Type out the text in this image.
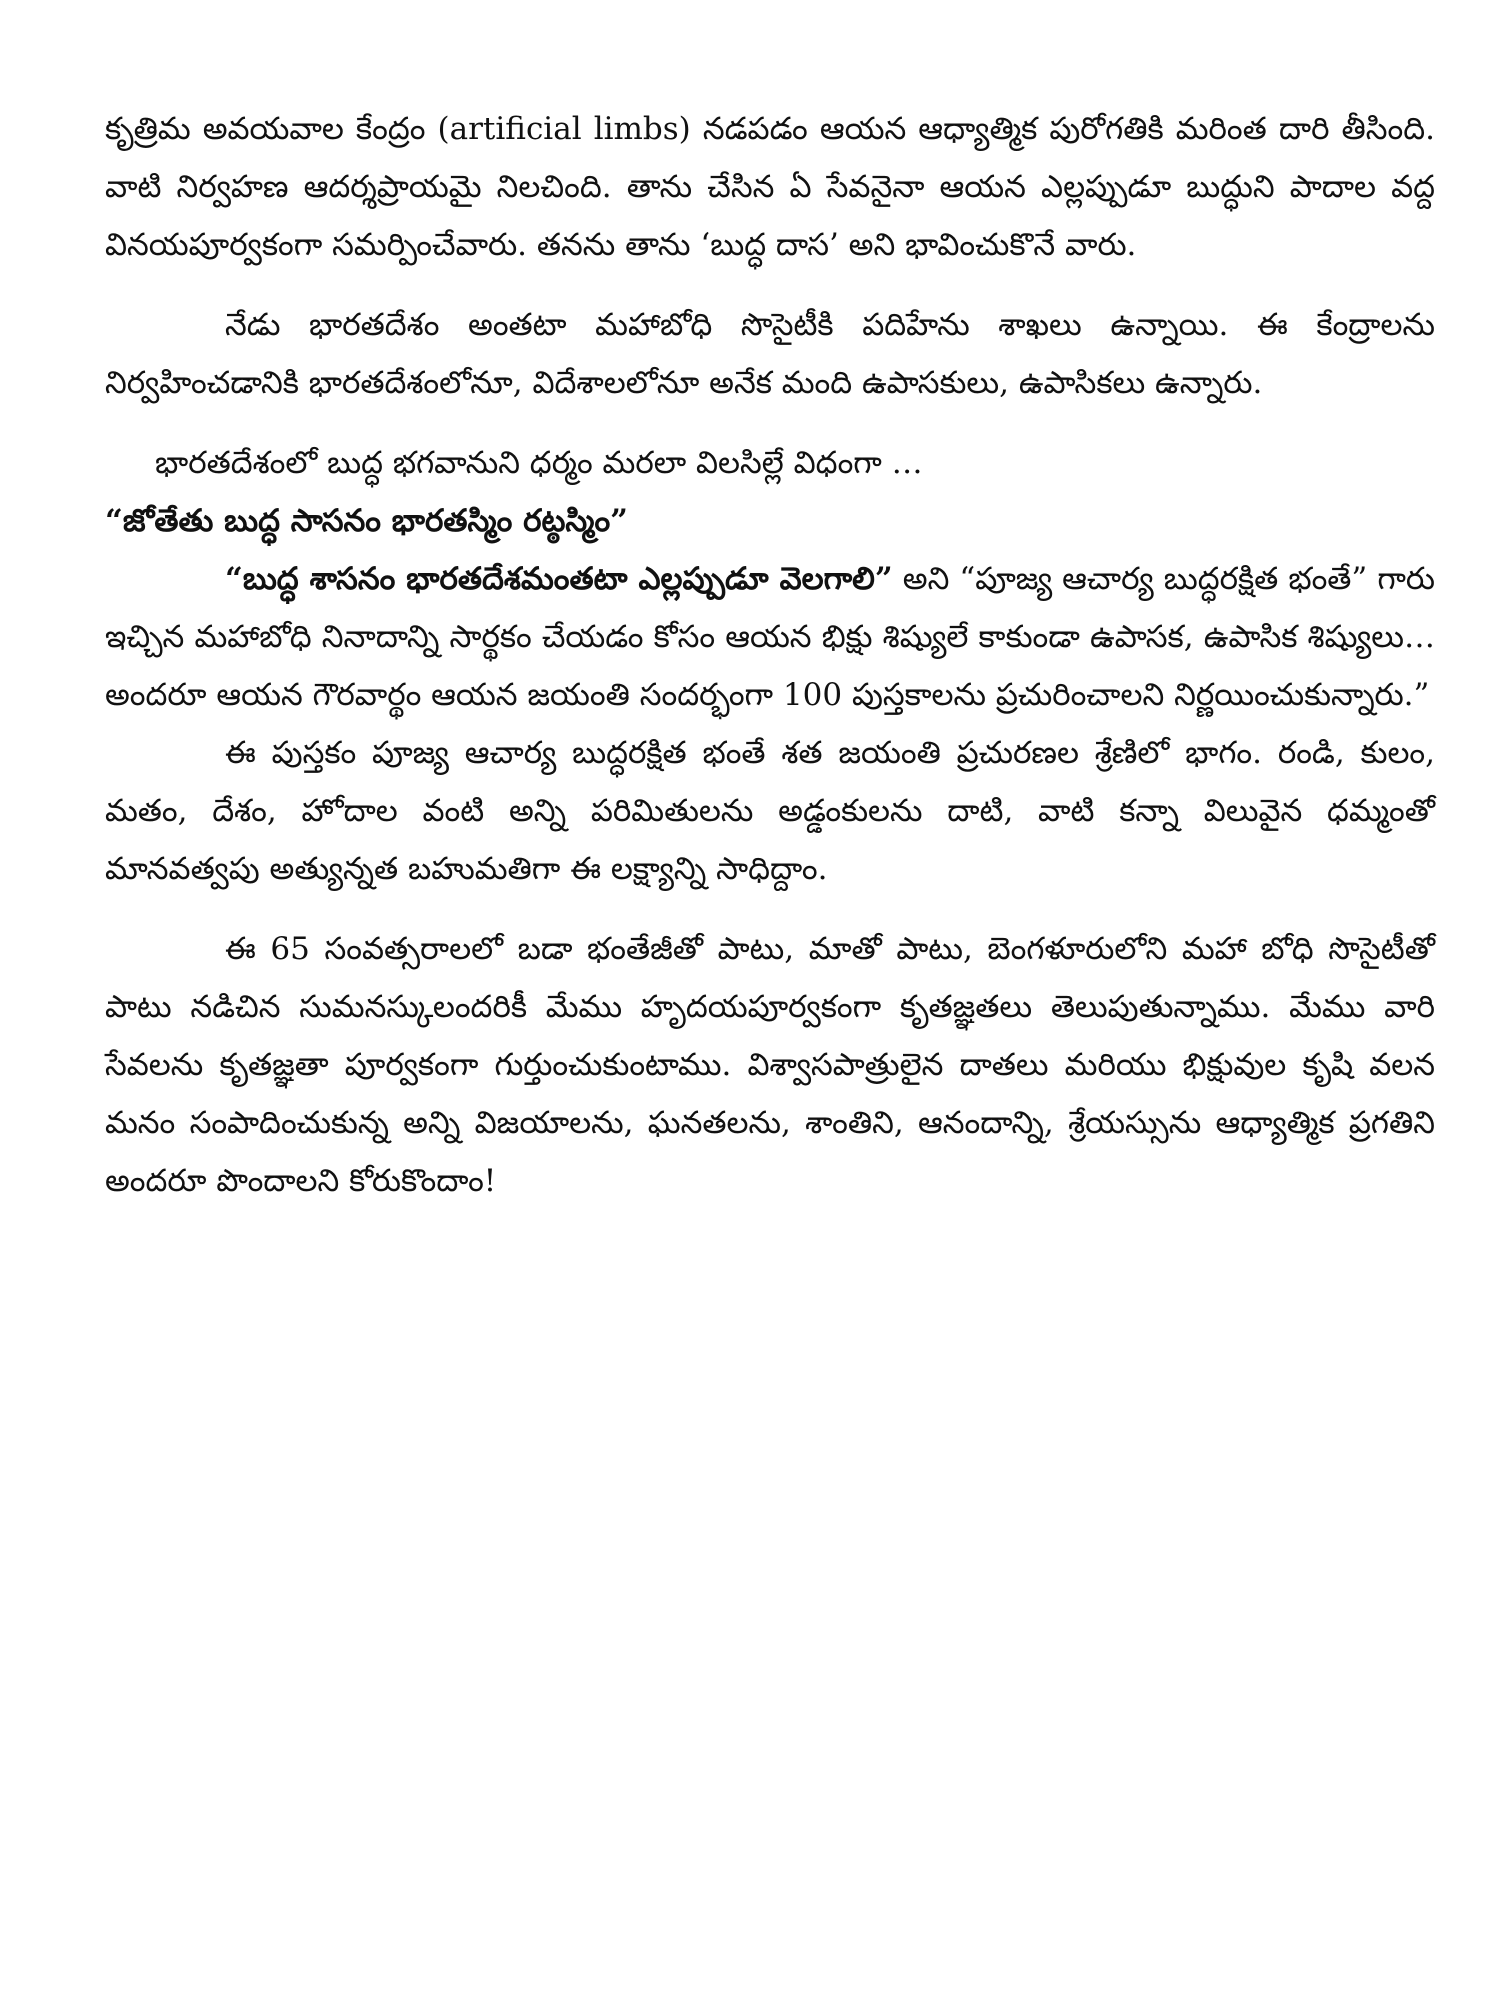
కృత్రిమ అవయవాల కేంద్రం (artificial limbs) నడపడం ఆయన ఆధ్యాత్మిక పురోగతికి మరింత దారి తీసింది. వాటి నిర్వహణ ఆదర్శప్రాయమై నిలచింది. తాను చేసిన ఏ సేవనైనా ఆయన ఎల్లప్పుడూ బుద్ధుని పాదాల వద్ద వినయపూర్వకంగా సమర్పించేవారు. తనను తాను ‘బుద్ధ దాస’ అని భావించుకొనే వారు.

నేడు భారతదేశం అంతటా మహాబోధి సొసైటీకి పదిహేను శాఖలు ఉన్నాయి. ఈ కేంద్రాలను నిర్వహించడానికి భారతదేశంలోనూ, విదేశాలలోనూ అనేక మంది ఉపాసకులు, ఉపాసికలు ఉన్నారు.

భారతదేశంలో బుద్ధ భగవానుని ధర్మం మరలా విలసిల్లే విధంగా …

“జోతేతు బుద్ధ సాసనం భారతస్మిం రట్ఠస్మిం”

“బుద్ధ శాసనం భారతదేశమంతటా ఎల్లప్పుడూ వెలగాలి” అని “పూజ్య ఆచార్య బుద్ధరక్షిత భంతే” గారు ఇచ్చిన మహాబోధి నినాదాన్ని సార్థకం చేయడం కోసం ఆయన భిక్షు శిష్యులే కాకుండా ఉపాసక, ఉపాసిక శిష్యులు… అందరూ ఆయన గౌరవార్థం ఆయన జయంతి సందర్భంగా 100 పుస్తకాలను ప్రచురించాలని నిర్ణయించుకున్నారు.”

ఈ పుస్తకం పూజ్య ఆచార్య బుద్ధరక్షిత భంతే శత జయంతి ప్రచురణల శ్రేణిలో భాగం. రండి, కులం, మతం, దేశం, హోదాల వంటి అన్ని పరిమితులను అడ్డంకులను దాటి, వాటి కన్నా విలువైన ధమ్మంతో మానవత్వపు అత్యున్నత బహుమతిగా ఈ లక్ష్యాన్ని సాధిద్దాం.

ఈ 65 సంవత్సరాలలో బడా భంతేజీతో పాటు, మాతో పాటు, బెంగళూరులోని మహా బోధి సొసైటీతో పాటు నడిచిన సుమనస్కులందరికీ మేము హృదయపూర్వకంగా కృతజ్ఞతలు తెలుపుతున్నాము. మేము వారి సేవలను కృతజ్ఞతా పూర్వకంగా గుర్తుంచుకుంటాము. విశ్వాసపాత్రులైన దాతలు మరియు భిక్షువుల కృషి వలన మనం సంపాదించుకున్న అన్ని విజయాలను, ఘనతలను, శాంతిని, ఆనందాన్ని, శ్రేయస్సును ఆధ్యాత్మిక ప్రగతిని అందరూ పొందాలని కోరుకొందాం!
